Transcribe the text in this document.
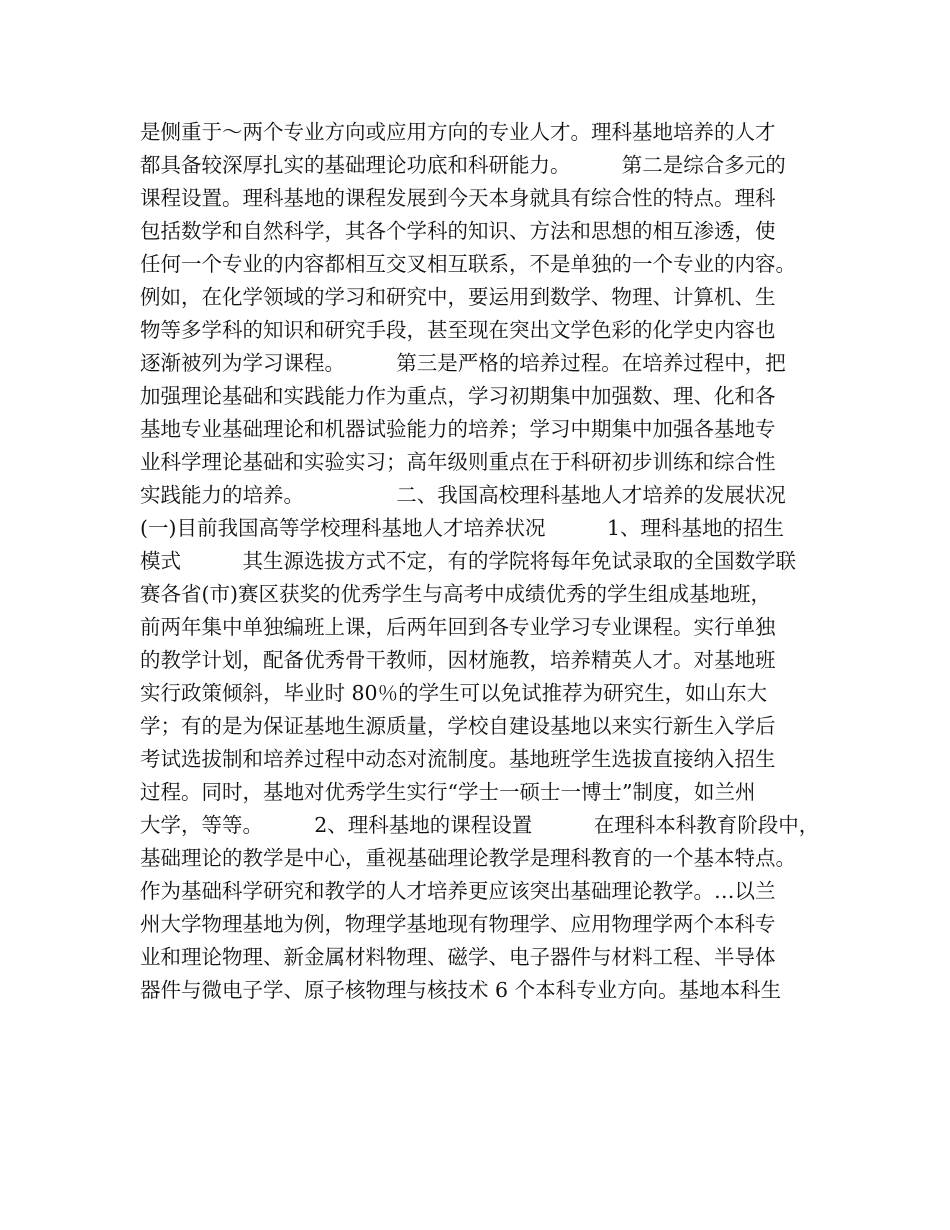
是侧重于～两个专业方向或应用方向的专业人才。理科基地培养的人才
都具备较深厚扎实的基础理论功底和科研能力。　　　第二是综合多元的
课程设置。理科基地的课程发展到今天本身就具有综合性的特点。理科
包括数学和自然科学，其各个学科的知识、方法和思想的相互渗透，使
任何一个专业的内容都相互交叉相互联系，不是单独的一个专业的内容。
例如，在化学领域的学习和研究中，要运用到数学、物理、计算机、生
物等多学科的知识和研究手段，甚至现在突出文学色彩的化学史内容也
逐渐被列为学习课程。　　　第三是严格的培养过程。在培养过程中，把
加强理论基础和实践能力作为重点，学习初期集中加强数、理、化和各
基地专业基础理论和机器试验能力的培养；学习中期集中加强各基地专
业科学理论基础和实验实习；高年级则重点在于科研初步训练和综合性
实践能力的培养。　　　　　二、我国高校理科基地人才培养的发展状况
(一)目前我国高等学校理科基地人才培养状况　　　1、理科基地的招生
模式　　　其生源选拔方式不定，有的学院将每年免试录取的全国数学联
赛各省(市)赛区获奖的优秀学生与高考中成绩优秀的学生组成基地班，
前两年集中单独编班上课，后两年回到各专业学习专业课程。实行单独
的教学计划，配备优秀骨干教师，因材施教，培养精英人才。对基地班
实行政策倾斜，毕业时 80％的学生可以免试推荐为研究生，如山东大
学；有的是为保证基地生源质量，学校自建设基地以来实行新生入学后
考试选拔制和培养过程中动态对流制度。基地班学生选拔直接纳入招生
过程。同时，基地对优秀学生实行“学士一硕士一博士”制度，如兰州
大学，等等。　　　2、理科基地的课程设置　　　在理科本科教育阶段中，
基础理论的教学是中心，重视基础理论教学是理科教育的一个基本特点。
作为基础科学研究和教学的人才培养更应该突出基础理论教学。…以兰
州大学物理基地为例，物理学基地现有物理学、应用物理学两个本科专
业和理论物理、新金属材料物理、磁学、电子器件与材料工程、半导体
器件与微电子学、原子核物理与核技术 6 个本科专业方向。基地本科生
